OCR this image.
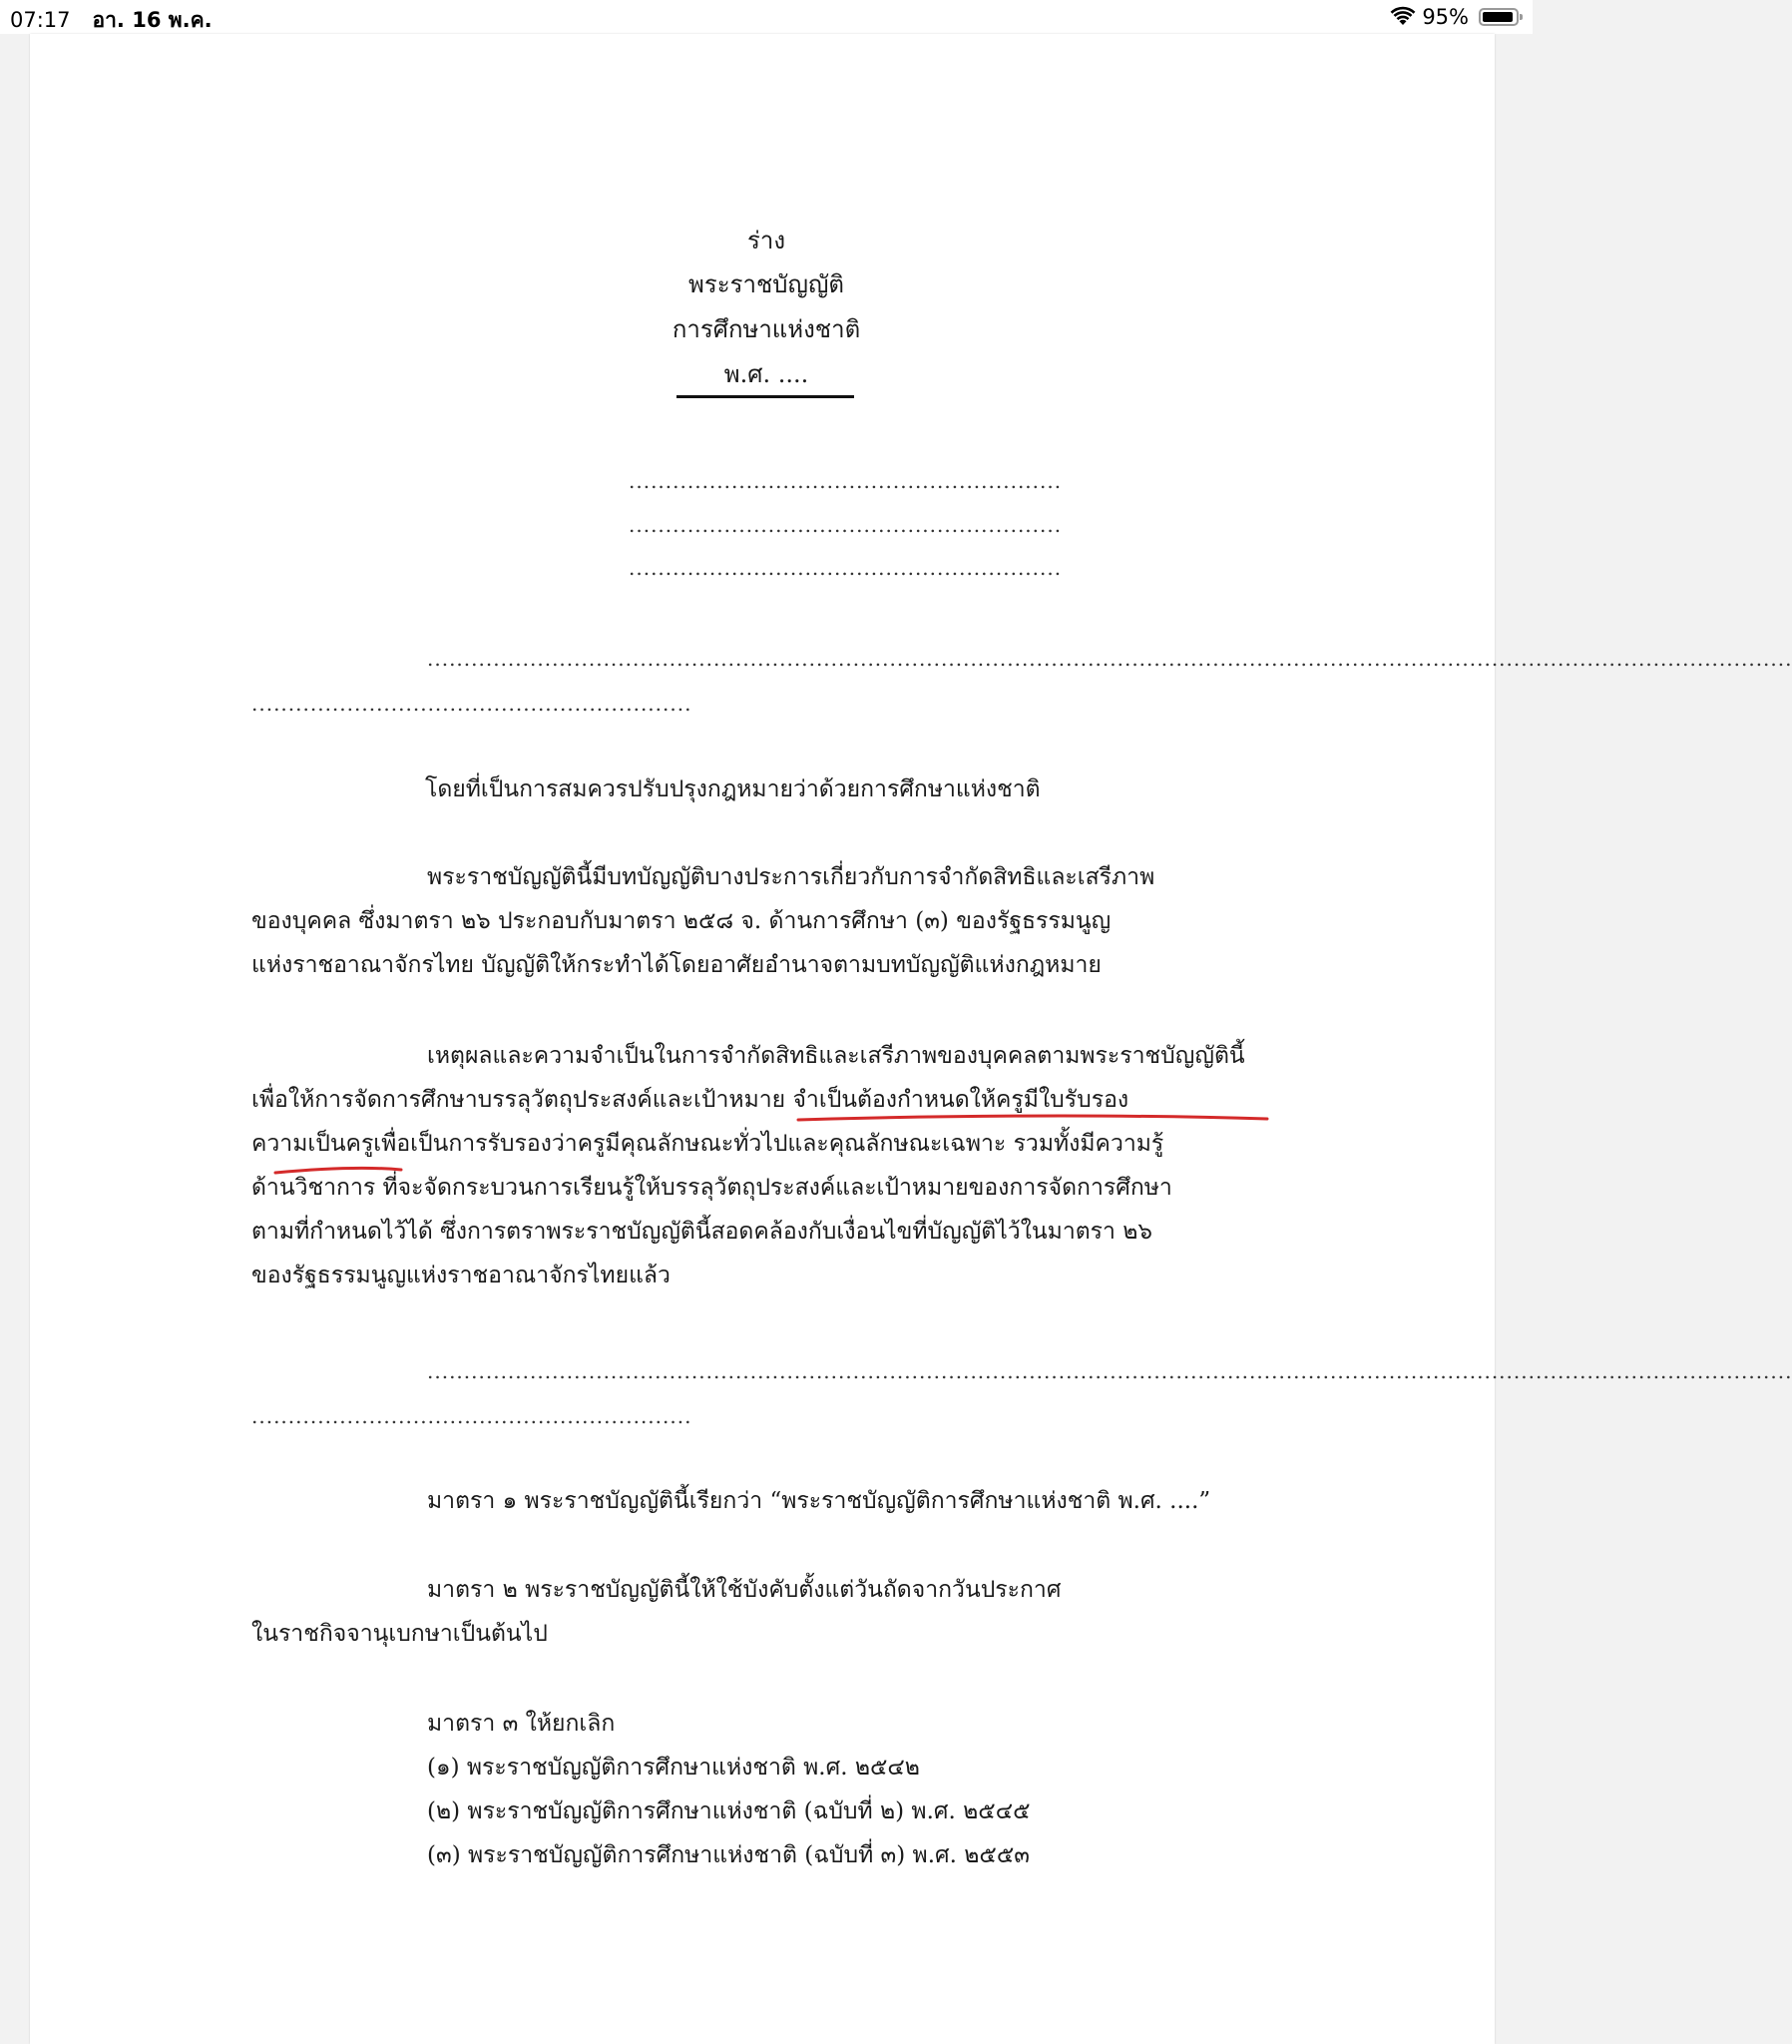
07:17 อา. 16 พ.ค.	95%
ร่าง
พระราชบัญญัติ
การศึกษาแห่งชาติ
พ.ศ. ....
...........................................................
...........................................................
...........................................................
..........................................................................................................................................................................................
............................................................
โดยที่เป็นการสมควรปรับปรุงกฎหมายว่าด้วยการศึกษาแห่งชาติ
พระราชบัญญัตินี้มีบทบัญญัติบางประการเกี่ยวกับการจำกัดสิทธิและเสรีภาพ
ของบุคคล ซึ่งมาตรา ๒๖ ประกอบกับมาตรา ๒๕๘ จ. ด้านการศึกษา (๓) ของรัฐธรรมนูญ
แห่งราชอาณาจักรไทย บัญญัติให้กระทำได้โดยอาศัยอำนาจตามบทบัญญัติแห่งกฎหมาย
เหตุผลและความจำเป็นในการจำกัดสิทธิและเสรีภาพของบุคคลตามพระราชบัญญัตินี้
เพื่อให้การจัดการศึกษาบรรลุวัตถุประสงค์และเป้าหมาย จำเป็นต้องกำหนดให้ครูมีใบรับรอง
ความเป็นครูเพื่อเป็นการรับรองว่าครูมีคุณลักษณะทั่วไปและคุณลักษณะเฉพาะ รวมทั้งมีความรู้
ด้านวิชาการ ที่จะจัดกระบวนการเรียนรู้ให้บรรลุวัตถุประสงค์และเป้าหมายของการจัดการศึกษา
ตามที่กำหนดไว้ได้ ซึ่งการตราพระราชบัญญัตินี้สอดคล้องกับเงื่อนไขที่บัญญัติไว้ในมาตรา ๒๖
ของรัฐธรรมนูญแห่งราชอาณาจักรไทยแล้ว
..........................................................................................................................................................................................
............................................................
มาตรา ๑ พระราชบัญญัตินี้เรียกว่า “พระราชบัญญัติการศึกษาแห่งชาติ พ.ศ. ....”
มาตรา ๒ พระราชบัญญัตินี้ให้ใช้บังคับตั้งแต่วันถัดจากวันประกาศ
ในราชกิจจานุเบกษาเป็นต้นไป
มาตรา ๓ ให้ยกเลิก
(๑) พระราชบัญญัติการศึกษาแห่งชาติ พ.ศ. ๒๕๔๒
(๒) พระราชบัญญัติการศึกษาแห่งชาติ (ฉบับที่ ๒) พ.ศ. ๒๕๔๕
(๓) พระราชบัญญัติการศึกษาแห่งชาติ (ฉบับที่ ๓) พ.ศ. ๒๕๕๓
